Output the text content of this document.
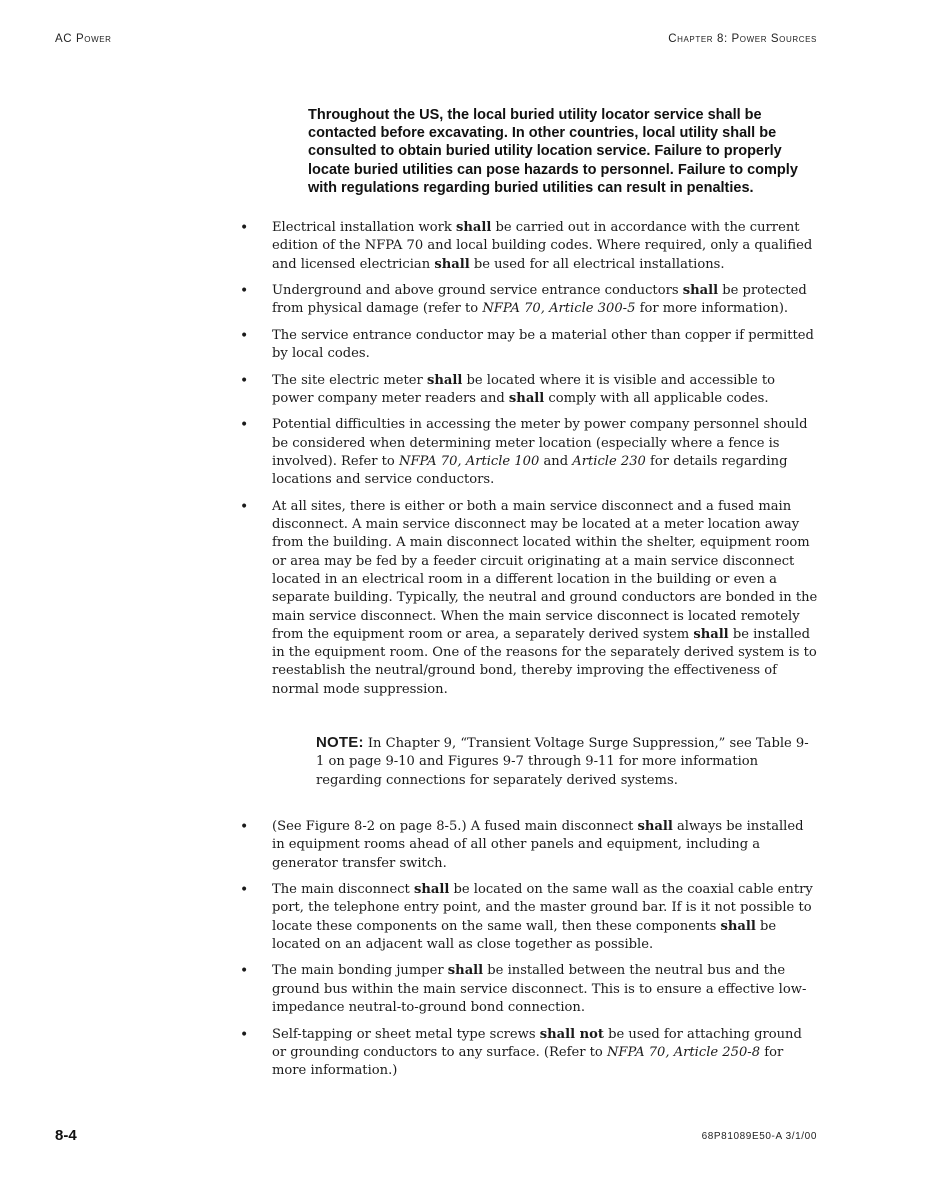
AC Power	Chapter 8: Power Sources
Throughout the US, the local buried utility locator service shall be contacted before excavating. In other countries, local utility shall be consulted to obtain buried utility location service. Failure to properly locate buried utilities can pose hazards to personnel. Failure to comply with regulations regarding buried utilities can result in penalties.
• Electrical installation work shall be carried out in accordance with the current edition of the NFPA 70 and local building codes. Where required, only a qualified and licensed electrician shall be used for all electrical installations.
• Underground and above ground service entrance conductors shall be protected from physical damage (refer to NFPA 70, Article 300-5 for more information).
• The service entrance conductor may be a material other than copper if permitted by local codes.
• The site electric meter shall be located where it is visible and accessible to power company meter readers and shall comply with all applicable codes.
• Potential difficulties in accessing the meter by power company personnel should be considered when determining meter location (especially where a fence is involved). Refer to NFPA 70, Article 100 and Article 230 for details regarding locations and service conductors.
• At all sites, there is either or both a main service disconnect and a fused main disconnect. A main service disconnect may be located at a meter location away from the building. A main disconnect located within the shelter, equipment room or area may be fed by a feeder circuit originating at a main service disconnect located in an electrical room in a different location in the building or even a separate building. Typically, the neutral and ground conductors are bonded in the main service disconnect. When the main service disconnect is located remotely from the equipment room or area, a separately derived system shall be installed in the equipment room. One of the reasons for the separately derived system is to reestablish the neutral/ground bond, thereby improving the effectiveness of normal mode suppression.
NOTE: In Chapter 9, “Transient Voltage Surge Suppression,” see Table 9-1 on page 9-10 and Figures 9-7 through 9-11 for more information regarding connections for separately derived systems.
• (See Figure 8-2 on page 8-5.) A fused main disconnect shall always be installed in equipment rooms ahead of all other panels and equipment, including a generator transfer switch.
• The main disconnect shall be located on the same wall as the coaxial cable entry port, the telephone entry point, and the master ground bar. If is it not possible to locate these components on the same wall, then these components shall be located on an adjacent wall as close together as possible.
• The main bonding jumper shall be installed between the neutral bus and the ground bus within the main service disconnect. This is to ensure a effective low-impedance neutral-to-ground bond connection.
• Self-tapping or sheet metal type screws shall not be used for attaching ground or grounding conductors to any surface. (Refer to NFPA 70, Article 250-8 for more information.)
8-4	68P81089E50-A 3/1/00
